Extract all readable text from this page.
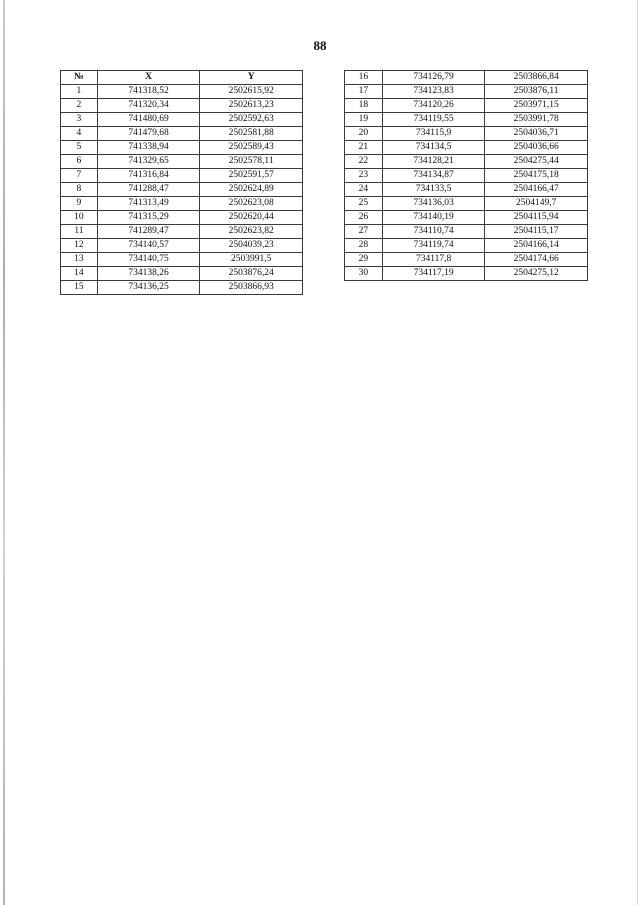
88
№	X	Y
1	741318,52	2502615,92
2	741320,34	2502613,23
3	741480,69	2502592,63
4	741479,68	2502581,88
5	741338,94	2502589,43
6	741329,65	2502578,11
7	741316,84	2502591,57
8	741288,47	2502624,89
9	741313,49	2502623,08
10	741315,29	2502620,44
11	741289,47	2502623,82
12	734140,57	2504039,23
13	734140,75	2503991,5
14	734138,26	2503876,24
15	734136,25	2503866,93
16	734126,79	2503866,84
17	734123,83	2503876,11
18	734120,26	2503971,15
19	734119,55	2503991,78
20	734115,9	2504036,71
21	734134,5	2504036,66
22	734128,21	2504275,44
23	734134,87	2504175,18
24	734133,5	2504166,47
25	734136,03	2504149,7
26	734140,19	2504115,94
27	734110,74	2504115,17
28	734119,74	2504166,14
29	734117,8	2504174,66
30	734117,19	2504275,12
